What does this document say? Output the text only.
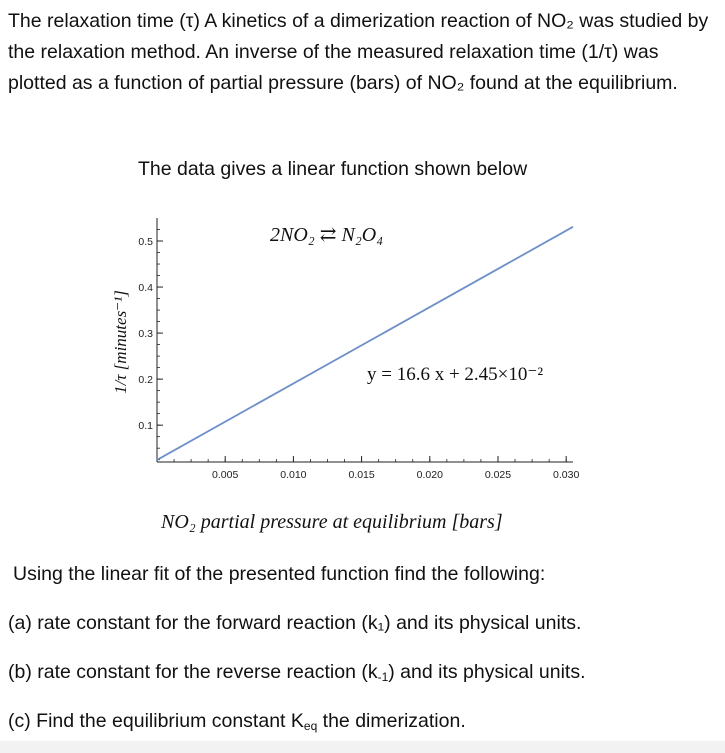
The relaxation time (τ) A kinetics of a dimerization reaction of NO₂ was studied by the relaxation method. An inverse of the measured relaxation time (1/τ) was plotted as a function of partial pressure (bars) of NO₂ found at the equilibrium.
The data gives a linear function shown below
2NO₂ ⇄ N₂O₄
y = 16.6 x + 2.45×10⁻²
NO₂ partial pressure at equilibrium [bars]
1/τ [minutes⁻¹]
0.1
0.2
0.3
0.4
0.5
0.005	0.010	0.015	0.020	0.025	0.030
Using the linear fit of the presented function find the following:
(a) rate constant for the forward reaction (k₁) and its physical units.
(b) rate constant for the reverse reaction $(k_{-1})$ and its physical units.
(c) Find the equilibrium constant $K_{eq}$ the dimerization.
